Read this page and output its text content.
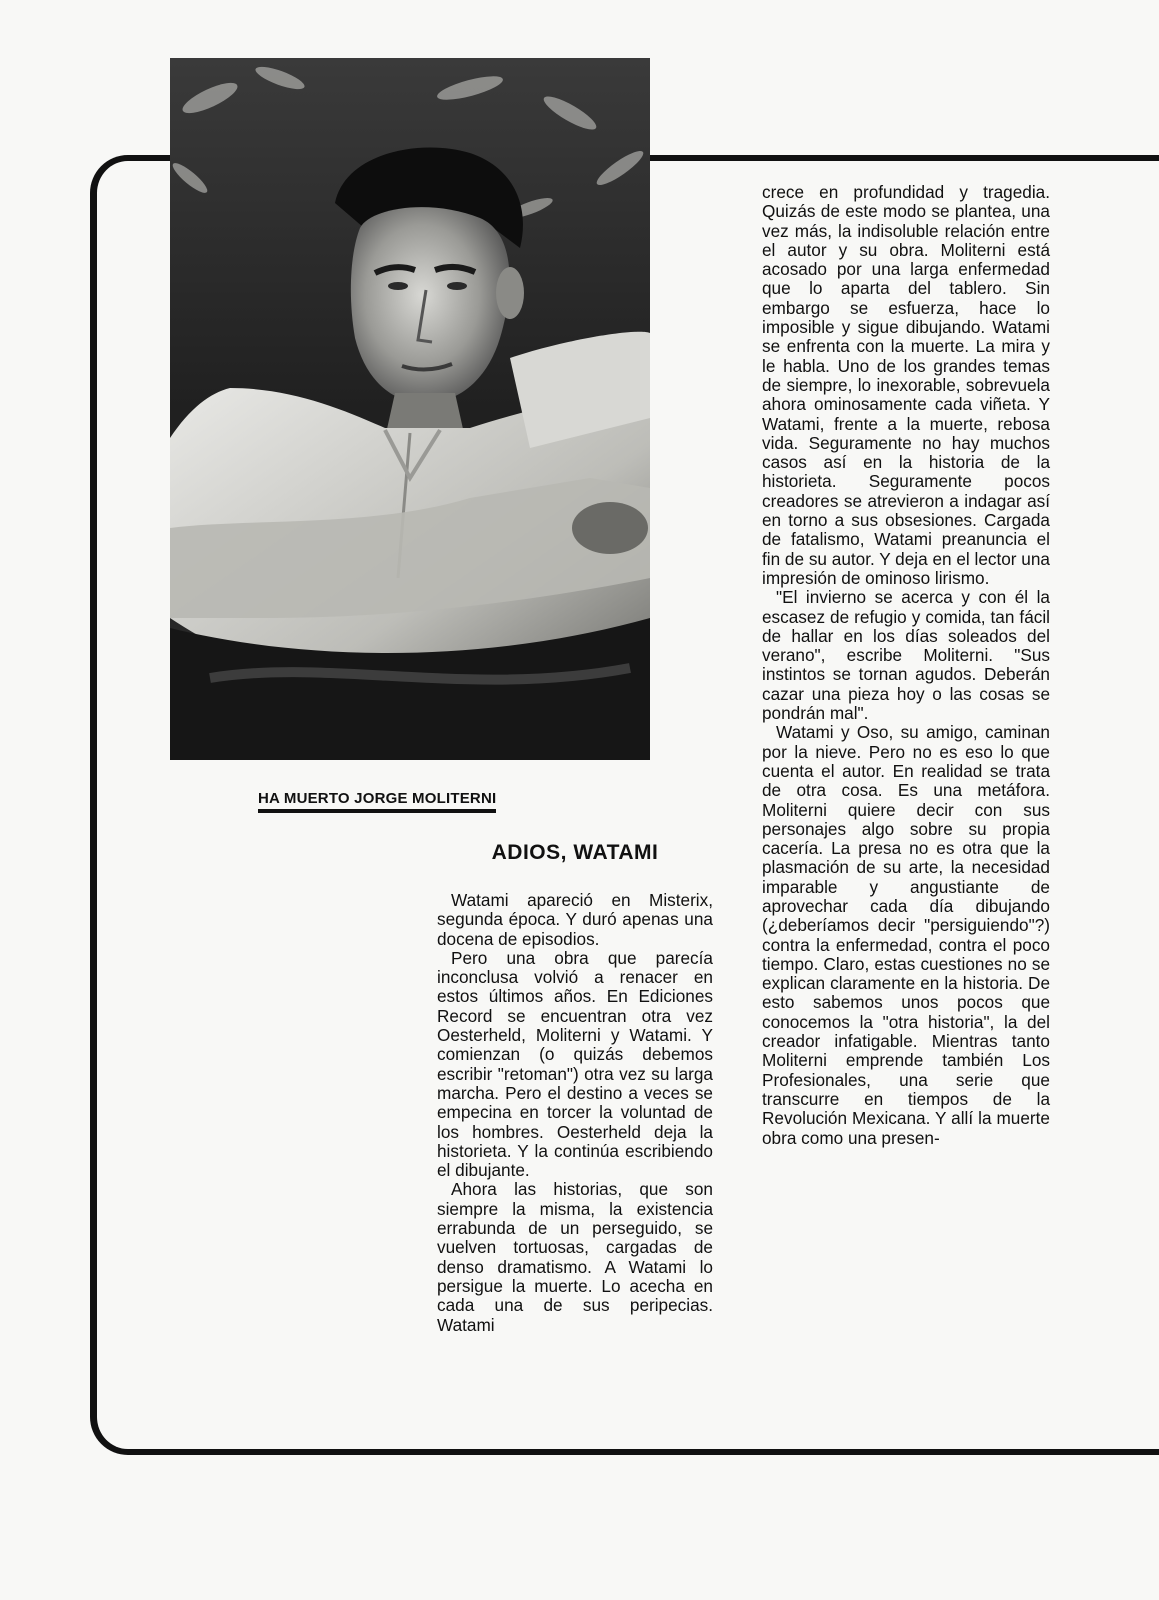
HA MUERTO JORGE MOLITERNI
ADIOS, WATAMI

Watami apareció en Misterix, segunda época. Y duró apenas una docena de episodios.

Pero una obra que parecía inconclusa volvió a renacer en estos últimos años. En Ediciones Record se encuentran otra vez Oesterheld, Moliterni y Watami. Y comienzan (o quizás debemos escribir "retoman") otra vez su larga marcha. Pero el destino a veces se empecina en torcer la voluntad de los hombres. Oesterheld deja la historieta. Y la continúa escribiendo el dibujante.

Ahora las historias, que son siempre la misma, la existencia errabunda de un perseguido, se vuelven tortuosas, cargadas de denso dramatismo. A Watami lo persigue la muerte. Lo acecha en cada una de sus peripecias. Watami

crece en profundidad y tragedia. Quizás de este modo se plantea, una vez más, la indisoluble relación entre el autor y su obra. Moliterni está acosado por una larga enfermedad que lo aparta del tablero. Sin embargo se esfuerza, hace lo imposible y sigue dibujando. Watami se enfrenta con la muerte. La mira y le habla. Uno de los grandes temas de siempre, lo inexorable, sobrevuela ahora ominosamente cada viñeta. Y Watami, frente a la muerte, rebosa vida. Seguramente no hay muchos casos así en la historia de la historieta. Seguramente pocos creadores se atrevieron a indagar así en torno a sus obsesiones. Cargada de fatalismo, Watami preanuncia el fin de su autor. Y deja en el lector una impresión de ominoso lirismo.

"El invierno se acerca y con él la escasez de refugio y comida, tan fácil de hallar en los días soleados del verano", escribe Moliterni. "Sus instintos se tornan agudos. Deberán cazar una pieza hoy o las cosas se pondrán mal".

Watami y Oso, su amigo, caminan por la nieve. Pero no es eso lo que cuenta el autor. En realidad se trata de otra cosa. Es una metáfora. Moliterni quiere decir con sus personajes algo sobre su propia cacería. La presa no es otra que la plasmación de su arte, la necesidad imparable y angustiante de aprovechar cada día dibujando (¿deberíamos decir "persiguiendo"?) contra la enfermedad, contra el poco tiempo. Claro, estas cuestiones no se explican claramente en la historia. De esto sabemos unos pocos que conocemos la "otra historia", la del creador infatigable. Mientras tanto Moliterni emprende también Los Profesionales, una serie que transcurre en tiempos de la Revolución Mexicana. Y allí la muerte obra como una presen-
